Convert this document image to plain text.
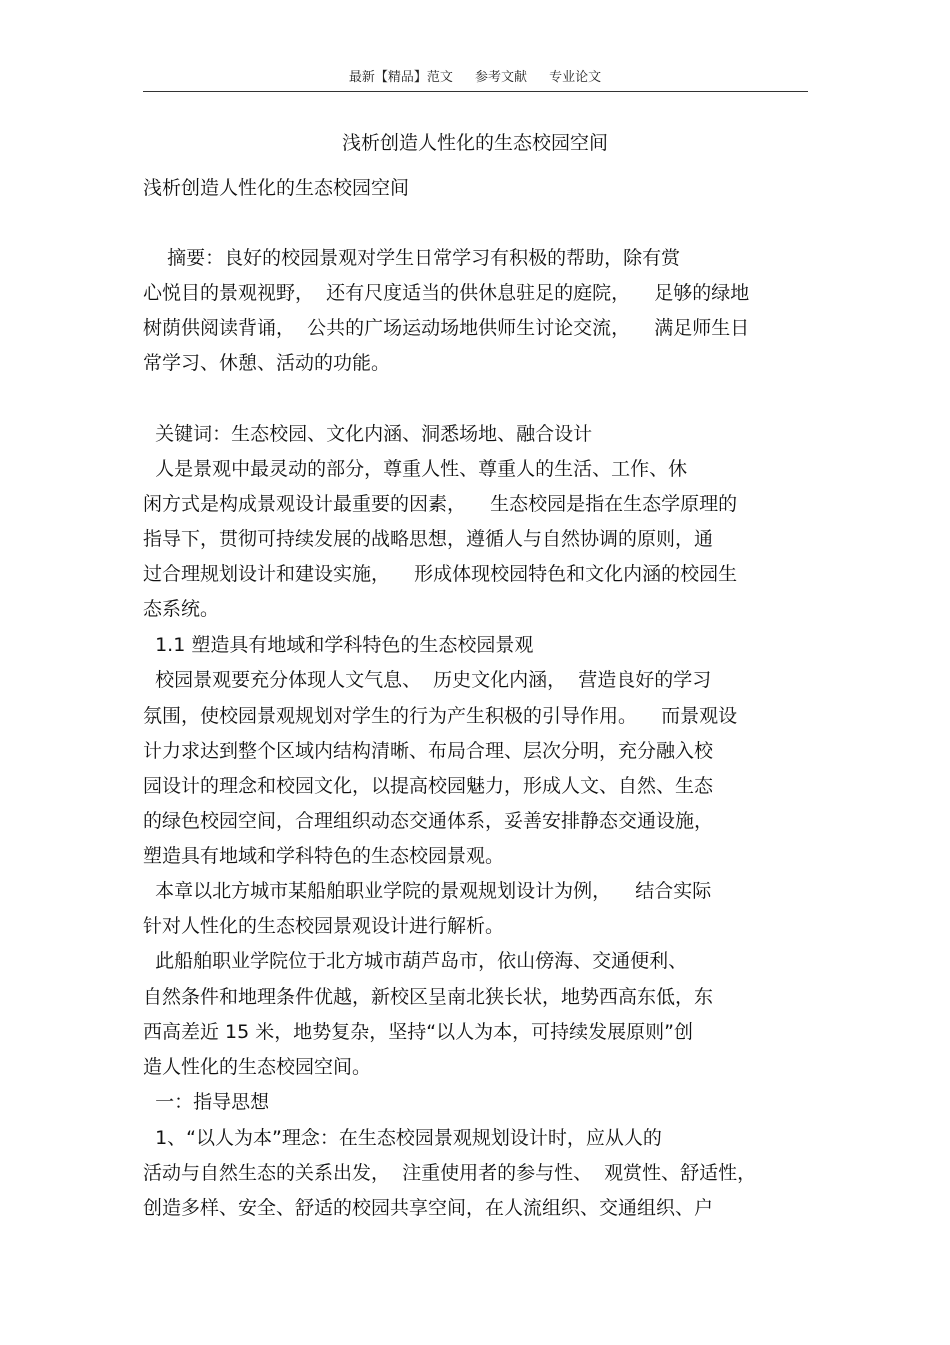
最新【精品】范文 参考文献 专业论文
浅析创造人性化的生态校园空间
浅析创造人性化的生态校园空间
摘要：良好的校园景观对学生日常学习有积极的帮助，除有赏
心悦目的景观视野，  还有尺度适当的供休息驻足的庭院，    足够的绿地
树荫供阅读背诵，  公共的广场运动场地供师生讨论交流，    满足师生日
常学习、休憩、活动的功能。
关键词：生态校园、文化内涵、洞悉场地、融合设计
人是景观中最灵动的部分，尊重人性、尊重人的生活、工作、休
闲方式是构成景观设计最重要的因素，    生态校园是指在生态学原理的
指导下，贯彻可持续发展的战略思想，遵循人与自然协调的原则，通
过合理规划设计和建设实施，    形成体现校园特色和文化内涵的校园生
态系统。
1.1 塑造具有地域和学科特色的生态校园景观
校园景观要充分体现人文气息、  历史文化内涵，  营造良好的学习
氛围，使校园景观规划对学生的行为产生积极的引导作用。    而景观设
计力求达到整个区域内结构清晰、布局合理、层次分明，充分融入校
园设计的理念和校园文化，以提高校园魅力，形成人文、自然、生态
的绿色校园空间，合理组织动态交通体系，妥善安排静态交通设施，
塑造具有地域和学科特色的生态校园景观。
本章以北方城市某船舶职业学院的景观规划设计为例，    结合实际
针对人性化的生态校园景观设计进行解析。
此船舶职业学院位于北方城市葫芦岛市，依山傍海、交通便利、
自然条件和地理条件优越，新校区呈南北狭长状，地势西高东低，东
西高差近 15 米，地势复杂，坚持“以人为本，可持续发展原则”创
造人性化的生态校园空间。
一：指导思想
1、“以人为本”理念：在生态校园景观规划设计时，应从人的
活动与自然生态的关系出发，  注重使用者的参与性、  观赏性、舒适性，
创造多样、安全、舒适的校园共享空间，在人流组织、交通组织、户
